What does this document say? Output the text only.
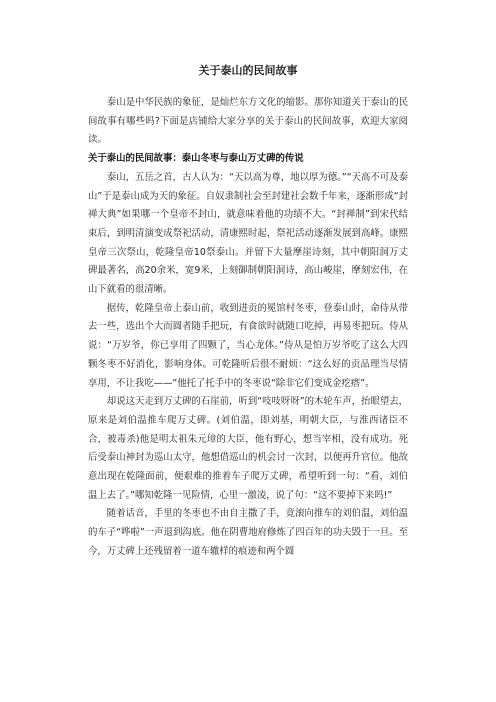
关于泰山的民间故事

泰山是中华民族的象征，是灿烂东方文化的缩影。那你知道关于泰山的民间故事有哪些吗?下面是店铺给大家分享的关于泰山的民间故事，欢迎大家阅读。

关于泰山的民间故事：泰山冬枣与泰山万丈碑的传说

泰山，五岳之首，古人认为：“天以高为尊，地以厚为德。”“天高不可及泰山”于是泰山成为天的象征。自奴隶制社会至封建社会数千年来，逐渐形成“封禅大典”如果哪一个皇帝不封山，就意味着他的功绩不大。“封禅制”到宋代结束后，到明清演变成祭祀活动，清康熙时起，祭祀活动逐渐发展到高峰。康熙皇帝三次祭山，乾隆皇帝10祭泰山。并留下大量摩崖诗刻，其中朝阳洞万丈碑最著名，高20余米，宽9米，上刻御制朝阳洞诗，高山峻崖，摩刻宏伟，在山下就看的很清晰。

据传，乾隆皇帝上泰山前，收到进贡的冕馆村冬枣，登泰山时，命侍从带去一些，选出个大而圆者随手把玩，有食欲时就随口吃掉，再易枣把玩。侍从说：“万岁爷，你已享用了四颗了，当心龙体。”侍从是怕万岁爷吃了这么大四颗冬枣不好消化，影响身体。可乾隆听后很不耐烦：“这么好的贡品理当尽情享用，不让我吃——”他托了托手中的冬枣说“除非它们变成金疙瘩”。

却说这天走到万丈碑的石崖前，听到“吱吱呀呀”的木轮车声，抬眼望去，原来是刘伯温推车爬万丈碑。(刘伯温，即刘基，明朝大臣，与淮西诸臣不合，被毒杀)他是明太祖朱元璋的大臣，他有野心，想当宰相，没有成功。死后受泰山神封为巡山太守，他想借巡山的机会讨一次封，以便再升官位。他故意出现在乾隆面前，便艰难的推着车子爬万丈碑，希望听到一句：“看，刘伯温上去了。”哪知乾隆一见险情，心里一激凌，说了句：“这不要掉下来吗!”

随着话音，手里的冬枣也不由自主撒了手，竟滚向推车的刘伯温，刘伯温的车子“哗啦”一声退到沟底。他在阴曹地府修炼了四百年的功夫毁于一旦。至今，万丈碑上还残留着一道车辙样的痕迹和两个圆
